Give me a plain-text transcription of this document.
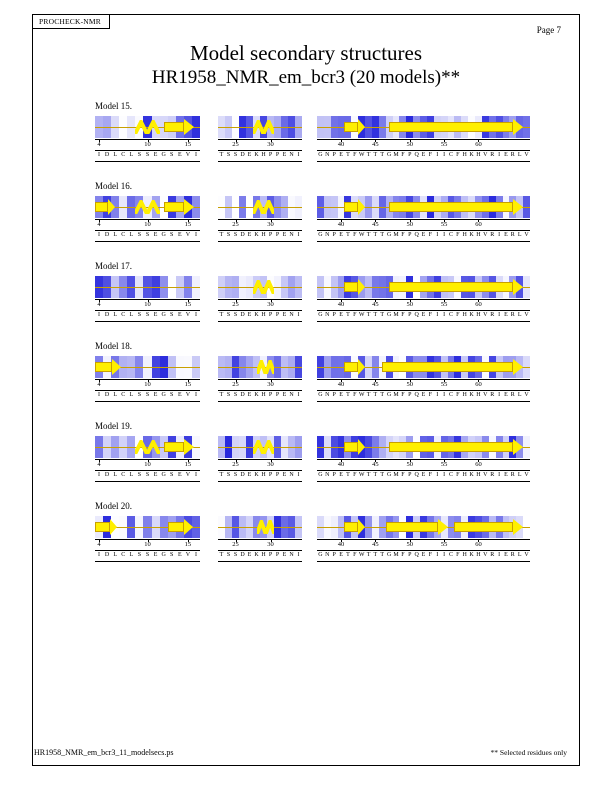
PROCHECK-NMR
Page 7
Model secondary structures
HR1958_NMR_em_bcr3 (20 models)**
Model 15.
4	10	15
I D L C L S S E G S E V I
25	30
T S S D E K H P P E N I
40	45	50	55	60
G N P E T F W T T T G M F P Q E F I I C F H K H V R I E R L V
Model 16.
4	10	15
I D L C L S S E G S E V I
25	30
T S S D E K H P P E N I
40	45	50	55	60
G N P E T F W T T T G M F P Q E F I I C F H K H V R I E R L V
Model 17.
4	10	15
I D L C L S S E G S E V I
25	30
T S S D E K H P P E N I
40	45	50	55	60
G N P E T F W T T T G M F P Q E F I I C F H K H V R I E R L V
Model 18.
4	10	15
I D L C L S S E G S E V I
25	30
T S S D E K H P P E N I
40	45	50	55	60
G N P E T F W T T T G M F P Q E F I I C F H K H V R I E R L V
Model 19.
4	10	15
I D L C L S S E G S E V I
25	30
T S S D E K H P P E N I
40	45	50	55	60
G N P E T F W T T T G M F P Q E F I I C F H K H V R I E R L V
Model 20.
4	10	15
I D L C L S S E G S E V I
25	30
T S S D E K H P P E N I
40	45	50	55	60
G N P E T F W T T T G M F P Q E F I I C F H K H V R I E R L V
HR1958_NMR_em_bcr3_11_modelsecs.ps	** Selected residues only
